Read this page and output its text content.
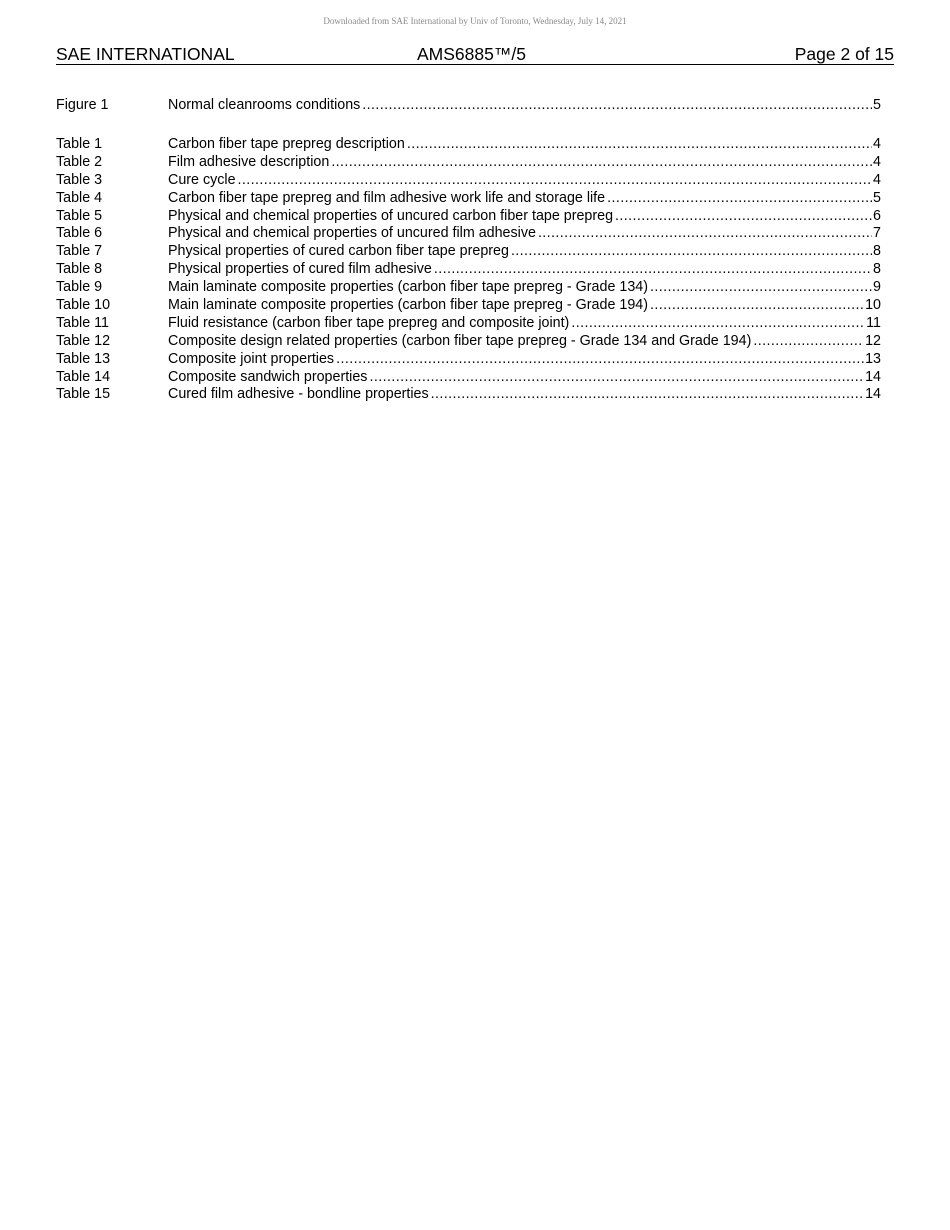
Downloaded from SAE International by Univ of Toronto, Wednesday, July 14, 2021
SAE INTERNATIONAL	AMS6885™/5	Page 2 of 15
Figure 1	Normal cleanrooms conditions .....	5
Table 1	Carbon fiber tape prepreg description .....	4
Table 2	Film adhesive description .....	4
Table 3	Cure cycle .....	4
Table 4	Carbon fiber tape prepreg and film adhesive work life and storage life .....	5
Table 5	Physical and chemical properties of uncured carbon fiber tape prepreg .....	6
Table 6	Physical and chemical properties of uncured film adhesive .....	7
Table 7	Physical properties of cured carbon fiber tape prepreg .....	8
Table 8	Physical properties of cured film adhesive .....	8
Table 9	Main laminate composite properties (carbon fiber tape prepreg - Grade 134) .....	9
Table 10	Main laminate composite properties (carbon fiber tape prepreg - Grade 194) .....	10
Table 11	Fluid resistance (carbon fiber tape prepreg and composite joint) .....	11
Table 12	Composite design related properties (carbon fiber tape prepreg - Grade 134 and Grade 194) .....	12
Table 13	Composite joint properties .....	13
Table 14	Composite sandwich properties .....	14
Table 15	Cured film adhesive - bondline properties .....	14
